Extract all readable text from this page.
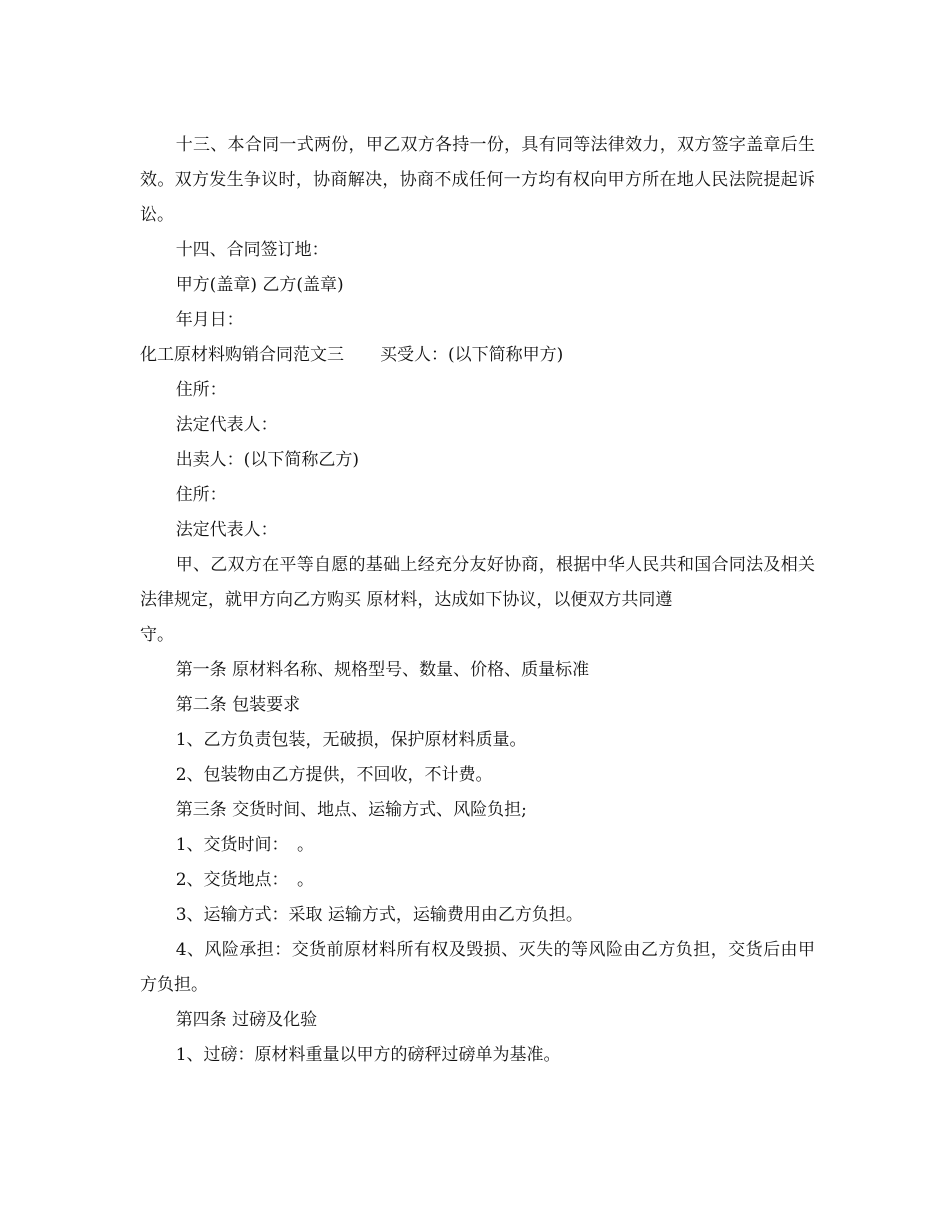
十三、本合同一式两份，甲乙双方各持一份，具有同等法律效力，双方签字盖章后生效。双方发生争议时，协商解决，协商不成任何一方均有权向甲方所在地人民法院提起诉讼。

十四、合同签订地：

甲方(盖章) 乙方(盖章)

年月日：

化工原材料购销合同范文三 买受人：(以下简称甲方)

住所：

法定代表人：

出卖人：(以下简称乙方)

住所：

法定代表人：

甲、乙双方在平等自愿的基础上经充分友好协商，根据中华人民共和国合同法及相关法律规定，就甲方向乙方购买 原材料，达成如下协议，以便双方共同遵

守。

第一条 原材料名称、规格型号、数量、价格、质量标准

第二条 包装要求

1、乙方负责包装，无破损，保护原材料质量。

2、包装物由乙方提供，不回收，不计费。

第三条 交货时间、地点、运输方式、风险负担;

1、交货时间：　。

2、交货地点：　。

3、运输方式：采取 运输方式，运输费用由乙方负担。

4、风险承担：交货前原材料所有权及毁损、灭失的等风险由乙方负担，交货后由甲方负担。

第四条 过磅及化验

1、过磅：原材料重量以甲方的磅秤过磅单为基准。
